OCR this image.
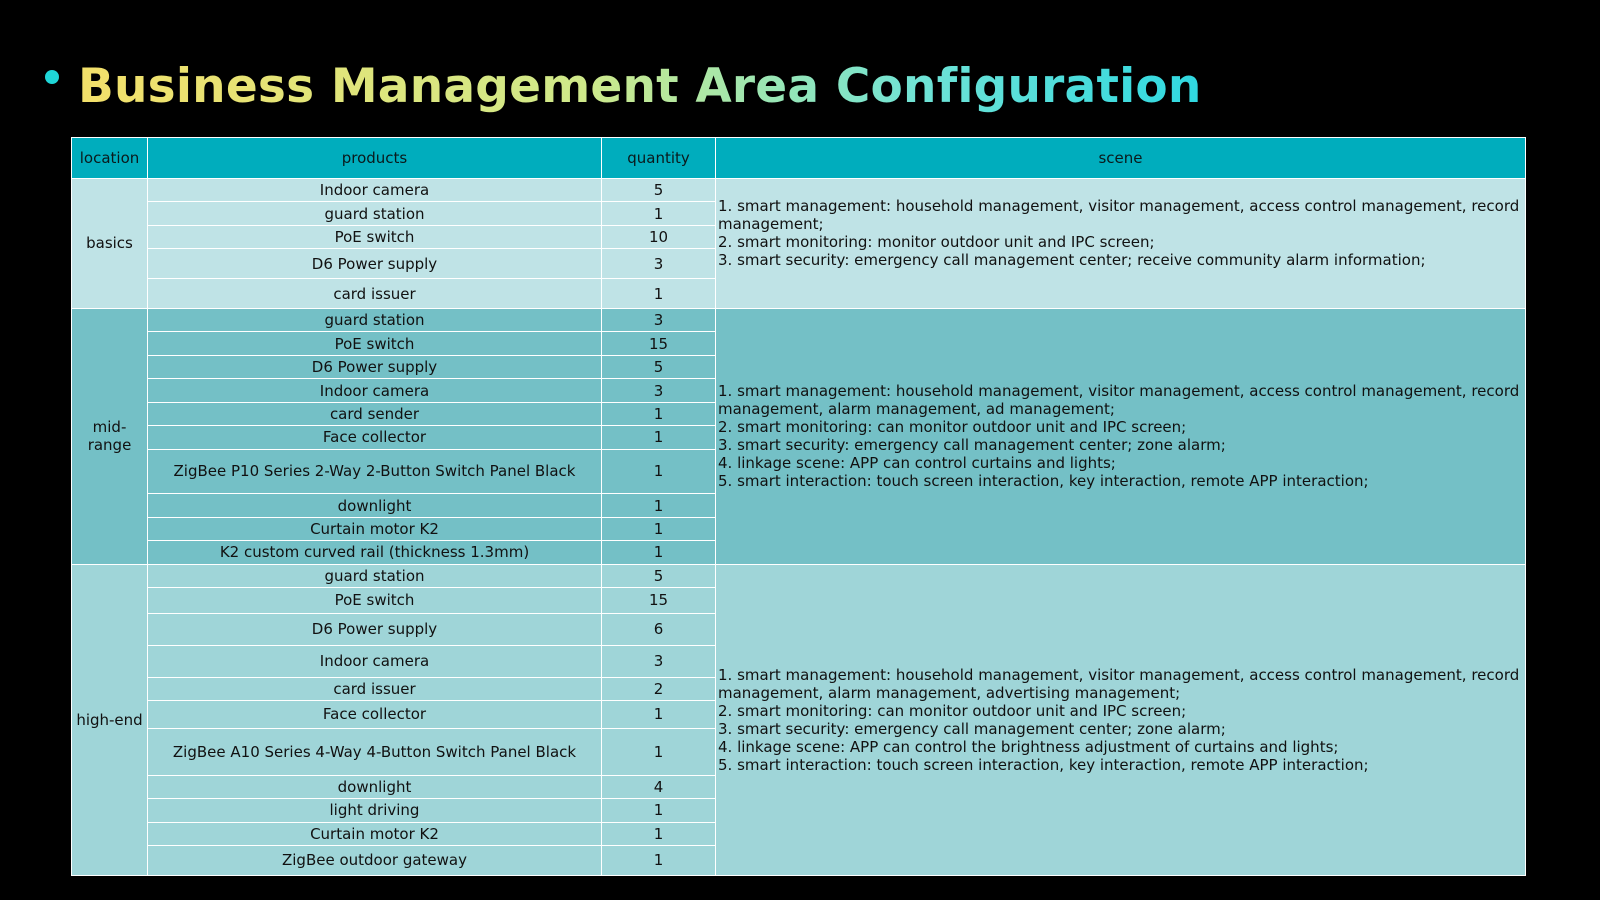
Business Management Area Configuration
location	products	quantity	scene
basics	Indoor camera	5	1. smart management: household management, visitor management, access control management, record management;
2. smart monitoring: monitor outdoor unit and IPC screen;
3. smart security: emergency call management center; receive community alarm information;

	guard station	1	
	PoE switch	10	
	D6 Power supply	3	
	card issuer	1	
mid-range	guard station	3	1. smart management: household management, visitor management, access control management, record management, alarm management, ad management;
2. smart monitoring: can monitor outdoor unit and IPC screen;
3. smart security: emergency call management center; zone alarm;
4. linkage scene: APP can control curtains and lights;
5. smart interaction: touch screen interaction, key interaction, remote APP interaction;

	PoE switch	15	
	D6 Power supply	5	
	Indoor camera	3	
	card sender	1	
	Face collector	1	
	ZigBee P10 Series 2-Way 2-Button Switch Panel Black	1	
	downlight	1	
	Curtain motor K2	1	
	K2 custom curved rail (thickness 1.3mm)	1	
high-end	guard station	5	1. smart management: household management, visitor management, access control management, record management, alarm management, advertising management;
2. smart monitoring: can monitor outdoor unit and IPC screen;
3. smart security: emergency call management center; zone alarm;
4. linkage scene: APP can control the brightness adjustment of curtains and lights;
5. smart interaction: touch screen interaction, key interaction, remote APP interaction;

	PoE switch	15	
	D6 Power supply	6	
	Indoor camera	3	
	card issuer	2	
	Face collector	1	
	ZigBee A10 Series 4-Way 4-Button Switch Panel Black	1	
	downlight	4	
	light driving	1	
	Curtain motor K2	1	
	ZigBee outdoor gateway	1	
